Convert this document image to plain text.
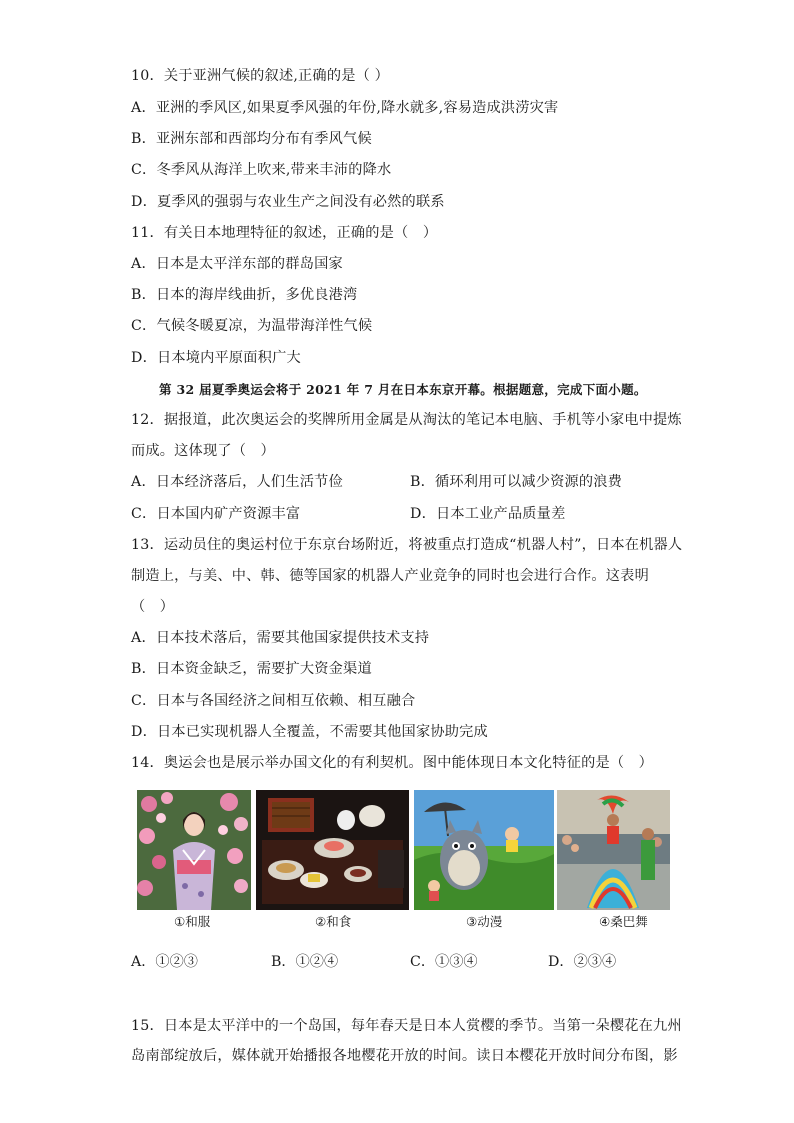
10．关于亚洲气候的叙述,正确的是（ ）
A．亚洲的季风区,如果夏季风强的年份,降水就多,容易造成洪涝灾害
B．亚洲东部和西部均分布有季风气候
C．冬季风从海洋上吹来,带来丰沛的降水
D．夏季风的强弱与农业生产之间没有必然的联系
11．有关日本地理特征的叙述，正确的是（　）
A．日本是太平洋东部的群岛国家
B．日本的海岸线曲折，多优良港湾
C．气候冬暖夏凉，为温带海洋性气候
D．日本境内平原面积广大
第 32 届夏季奥运会将于 2021 年 7 月在日本东京开幕。根据题意，完成下面小题。
12．据报道，此次奥运会的奖牌所用金属是从淘汰的笔记本电脑、手机等小家电中提炼
而成。这体现了（　）
A．日本经济落后，人们生活节俭	B．循环利用可以减少资源的浪费
C．日本国内矿产资源丰富	D．日本工业产品质量差
13．运动员住的奥运村位于东京台场附近，将被重点打造成“机器人村”，日本在机器人
制造上，与美、中、韩、德等国家的机器人产业竞争的同时也会进行合作。这表明
（　）
A．日本技术落后，需要其他国家提供技术支持
B．日本资金缺乏，需要扩大资金渠道
C．日本与各国经济之间相互依赖、相互融合
D．日本已实现机器人全覆盖，不需要其他国家协助完成
14．奥运会也是展示举办国文化的有利契机。图中能体现日本文化特征的是（　）
①和服	②和食	③动漫	④桑巴舞
A．①②③	B．①②④	C．①③④	D．②③④
15．日本是太平洋中的一个岛国，每年春天是日本人赏樱的季节。当第一朵樱花在九州
岛南部绽放后，媒体就开始播报各地樱花开放的时间。读日本樱花开放时间分布图，影
